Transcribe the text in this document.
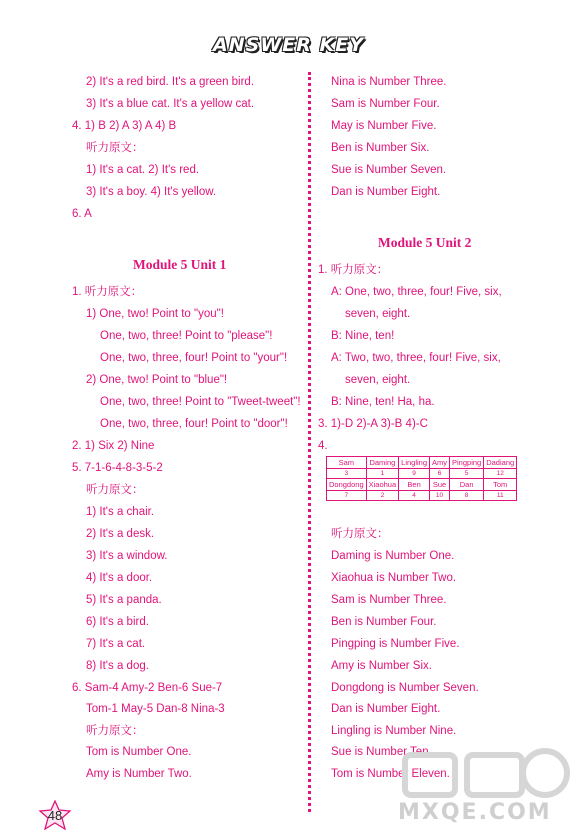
ANSWER KEY
2) It's a red bird. It's a green bird.
3) It's a blue cat. It's a yellow cat.
4. 1) B 2) A 3) A 4) B
听力原文：
1) It's a cat. 2) It's red.
3) It's a boy. 4) It's yellow.
6. A
Module 5 Unit 1
1. 听力原文：
1) One, two! Point to "you"!
One, two, three! Point to "please"!
One, two, three, four! Point to "your"!
2) One, two! Point to "blue"!
One, two, three! Point to "Tweet-tweet"!
One, two, three, four! Point to "door"!
2. 1) Six 2) Nine
5. 7-1-6-4-8-3-5-2
听力原文：
1) It's a chair.
2) It's a desk.
3) It's a window.
4) It's a door.
5) It's a panda.
6) It's a bird.
7) It's a cat.
8) It's a dog.
6. Sam-4 Amy-2 Ben-6 Sue-7
Tom-1 May-5 Dan-8 Nina-3
听力原文：
Tom is Number One.
Amy is Number Two.
Nina is Number Three.
Sam is Number Four.
May is Number Five.
Ben is Number Six.
Sue is Number Seven.
Dan is Number Eight.
Module 5 Unit 2
1. 听力原文：
A: One, two, three, four! Five, six,
seven, eight.
B: Nine, ten!
A: Two, two, three, four! Five, six,
seven, eight.
B: Nine, ten! Ha, ha.
3. 1)-D 2)-A 3)-B 4)-C
4.
听力原文：
Daming is Number One.
Xiaohua is Number Two.
Sam is Number Three.
Ben is Number Four.
Pingping is Number Five.
Amy is Number Six.
Dongdong is Number Seven.
Dan is Number Eight.
Lingling is Number Nine.
Sue is Number Ten.
Tom is Number Eleven.
Sam	Daming	Lingling	Amy	Pingping	Dadiang
3	1	9	6	5	12
Dongdong	Xiaohua	Ben	Sue	Dan	Tom
7	2	4	10	8	11
48	MXQE.COM
